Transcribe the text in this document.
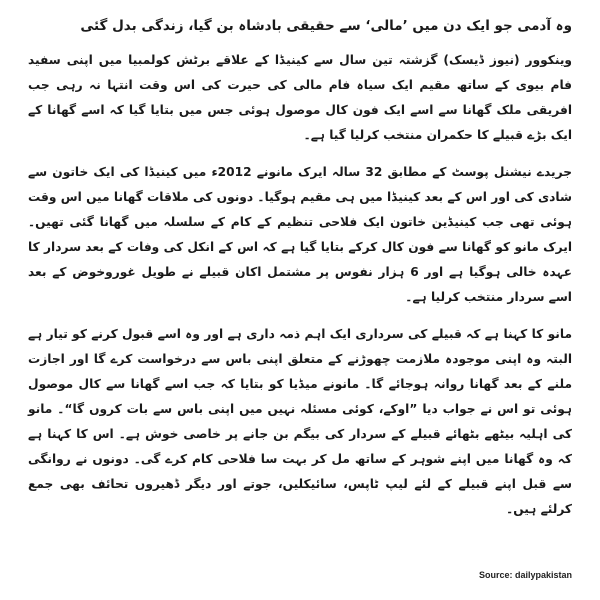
وہ آدمی جو ایک دن میں ’مالی‘ سے حقیقی بادشاہ بن گیا، زندگی بدل گئی

وینکوور (نیوز ڈیسک) گزشتہ تین سال سے کینیڈا کے علاقے برٹش کولمبیا میں اپنی سفید فام بیوی کے ساتھ مقیم ایک سیاہ فام مالی کی حیرت کی اس وقت انتہا نہ رہی جب افریقی ملک گھانا سے اسے ایک فون کال موصول ہوئی جس میں بتایا گیا کہ اسے گھانا کے ایک بڑے قبیلے کا حکمران منتخب کرلیا گیا ہے۔

جریدے نیشنل پوسٹ کے مطابق 32 سالہ ایرک مانونے 2012ء میں کینیڈا کی ایک خاتون سے شادی کی اور اس کے بعد کینیڈا میں ہی مقیم ہوگیا۔ دونوں کی ملاقات گھانا میں اس وقت ہوئی تھی جب کینیڈین خاتون ایک فلاحی تنظیم کے کام کے سلسلہ میں گھانا گئی تھیں۔ ایرک مانو کو گھانا سے فون کال کرکے بتایا گیا ہے کہ اس کے انکل کی وفات کے بعد سردار کا عہدہ خالی ہوگیا ہے اور 6 ہزار نفوس پر مشتمل اکان قبیلے نے طویل غوروخوض کے بعد اسے سردار منتخب کرلیا ہے۔

مانو کا کہنا ہے کہ قبیلے کی سرداری ایک اہم ذمہ داری ہے اور وہ اسے قبول کرنے کو تیار ہے البتہ وہ اپنی موجودہ ملازمت چھوڑنے کے متعلق اپنی باس سے درخواست کرے گا اور اجازت ملنے کے بعد گھانا روانہ ہوجائے گا۔ مانونے میڈیا کو بتایا کہ جب اسے گھانا سے کال موصول ہوئی تو اس نے جواب دیا ”اوکے، کوئی مسئلہ نہیں میں اپنی باس سے بات کروں گا“۔ مانو کی اہلیہ بیٹھے بٹھائے قبیلے کے سردار کی بیگم بن جانے پر خاصی خوش ہے۔ اس کا کہنا ہے کہ وہ گھانا میں اپنے شوہر کے ساتھ مل کر بہت سا فلاحی کام کرے گی۔ دونوں نے روانگی سے قبل اپنے قبیلے کے لئے لیپ ٹاپس، سائیکلیں، جوتے اور دیگر ڈھیروں تحائف بھی جمع کرلئے ہیں۔

Source: dailypakistan
